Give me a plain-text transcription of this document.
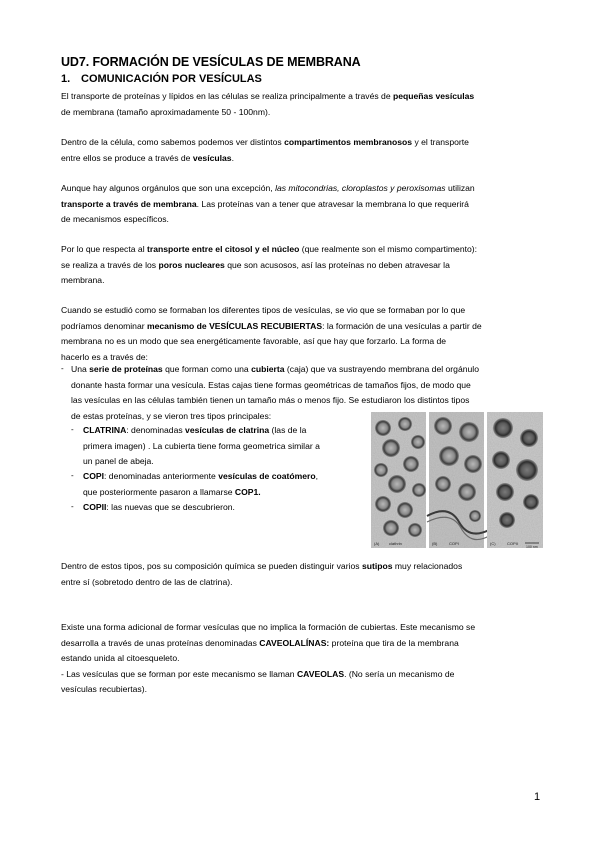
UD7. FORMACIÓN DE VESÍCULAS DE MEMBRANA
1. COMUNICACIÓN POR VESÍCULAS
El transporte de proteínas y lípidos en las células se realiza principalmente a través de pequeñas vesículas
de membrana (tamaño aproximadamente 50 - 100nm).
Dentro de la célula, como sabemos podemos ver distintos compartimentos membranosos y el transporte
entre ellos se produce a través de vesículas.
Aunque hay algunos orgánulos que son una excepción, las mitocondrias, cloroplastos y peroxisomas utilizan
transporte a través de membrana. Las proteínas van a tener que atravesar la membrana lo que requerirá
de mecanismos específicos.
Por lo que respecta al transporte entre el citosol y el núcleo (que realmente son el mismo compartimento):
se realiza a través de los poros nucleares que son acusosos, así las proteínas no deben atravesar la
membrana.
Cuando se estudió como se formaban los diferentes tipos de vesículas, se vio que se formaban por lo que
podríamos denominar mecanismo de VESÍCULAS RECUBIERTAS: la formación de una vesículas a partir de
membrana no es un modo que sea energéticamente favorable, así que hay que forzarlo. La forma de
hacerlo es a través de:
- Una serie de proteínas que forman como una cubierta (caja) que va sustrayendo membrana del orgánulo
donante hasta formar una vesícula. Estas cajas tiene formas geométricas de tamaños fijos, de modo que
las vesículas en las células también tienen un tamaño más o menos fijo. Se estudiaron los distintos tipos
de estas proteínas, y se vieron tres tipos principales:
- CLATRINA: denominadas vesículas de clatrina (las de la
primera imagen) . La cubierta tiene forma geometrica similar a
un panel de abeja.
- COPI: denominadas anteriormente vesículas de coatómero,
que posteriormente pasaron a llamarse COP1.
- COPII: las nuevas que se descubrieron.
(A) clathrin	(B)	COPI	(C)	COPII
100 nm
Dentro de estos tipos, pos su composición química se pueden distinguir varios sutipos muy relacionados
entre sí (sobretodo dentro de las de clatrina).
Existe una forma adicional de formar vesículas que no implica la formación de cubiertas. Este mecanismo se
desarrolla a través de unas proteínas denominadas CAVEOLALÍNAS: proteína que tira de la membrana
estando unida al citoesqueleto.
- Las vesículas que se forman por este mecanismo se llaman CAVEOLAS. (No sería un mecanismo de
vesículas recubiertas).
1
